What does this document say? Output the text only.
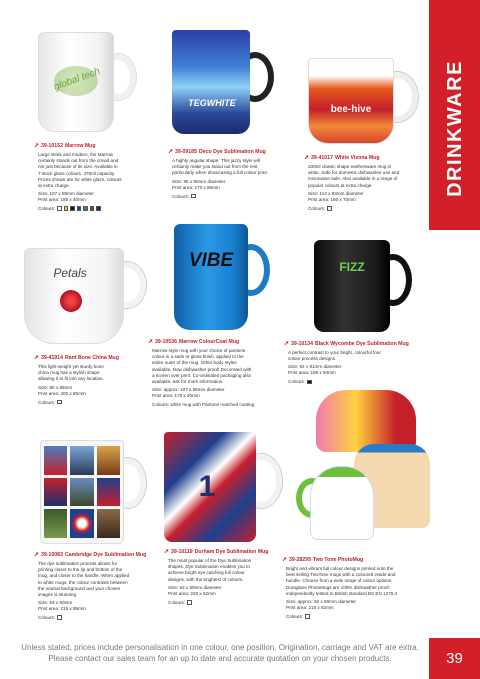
DRINKWARE
39
global tech
TEGWHITE
bee-hive
➚ 39-10152 Marrow Mug
Large sleek and modern, the Marrow
certainly stands out from the crowd and
not just because of its size. Available in
7 stock glaze colours. 375ml capacity.
Prices shown are for white glaze, colours
at extra charge.
Size: 107 x 85mm diameter
Print area: 185 x 40mm
Colours:
➚ 39-09185 Deco Dye Sublimation Mug
A highly angular shape. This jazzy style will
certainly make you stand out from the rest
particularly when showcasing a full colour print.
Size: 95 x 90mm diameter
Print area: 170 x 85mm
Colours:
➚ 39-41017 White Vienna Mug
330ml classic shape earthenware mug in
white. Safe for domestic dishwasher use and
microwave safe. Also available in a range of
popular colours at extra charge.
Size: 114 x 93mm diameter
Print area: 180 x 70mm
Colours:
Petals
VIBE	FIZZ
➚ 39-41914 Rant Bone China Mug
This light-weight yet sturdy bone
china mug has a stylish shape
allowing it to fit into any location.
Size: 80 x 85mm
Print area: 200 x 85mm
Colours:
➚ 39-10536 Marrow ColourCoat Mug
Marrow style mug with your choice of pantone
colour in a satin or gloss finish, applied to the
entire outer of the mug. Other body styles
available. Now dishwasher proof! Decorated with
a screen over print. Co-ordinated packaging also
available, ask for more information.
Size: approx: 107 x 86mm diameter
Print area: 170 x 40mm
Colours: white mug with Pantone matched coating
➚ 39-10134 Black Wycombe Dye Sublimation Mug
A perfect contrast to your bright, colourful four
colour process designs.
Size: 92 x 81mm diameter
Print area: 195 x 94mm
Colours:
1
➚ 39-10083 Cambridge Dye Sublimation Mug
The dye sublimation process allows for
printing closer to the lip and bottom of the
mug, and closer to the handle. When applied
to white mugs, the colour contrasts between
the neutral background and your chosen
images is stunning.
Size: 93 x 80mm
Print area: 215 x 85mm
Colours:
➚ 39-10119 Durham Dye Sublimation Mug
The most popular of the Dye Sublimation
shapes. Dye Sublimation enables you to
achieve bright eye catching full colour
designs, with the brightest of colours.
Size: 93 x 80mm diameter
Print area: 220 x 82mm
Colours:
➚ 39-28295 Two Tone PhotoMug
Bright and vibrant full colour designs printed onto the
best selling TwoTone mugs with a coloured inside and
handle. Choose from a wide range of colour options.
Duraglaze PhotoMugs are 100% dishwasher proof;
independently tested to British standard BS EN 1275:4
Size: approx: 92 x 80mm diameter
Print area: 216 x 92mm
Colours:
Unless stated, prices include personalisation in one colour, one position. Origination, carriage and VAT are extra.
Please contact our sales team for an up to date and accurate quotation on your chosen products.
